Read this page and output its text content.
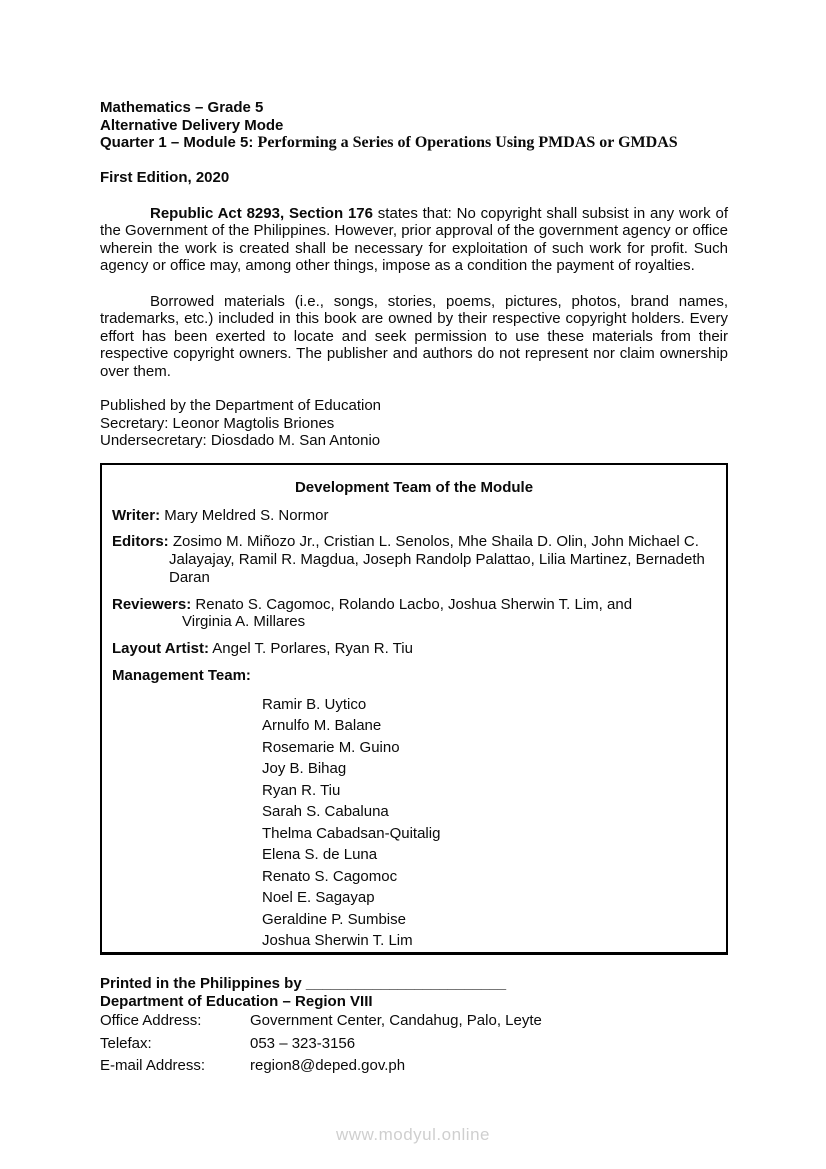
Mathematics – Grade 5
Alternative Delivery Mode
Quarter 1 – Module 5: Performing a Series of Operations Using PMDAS or GMDAS
First Edition, 2020

Republic Act 8293, Section 176 states that: No copyright shall subsist in any work of the Government of the Philippines. However, prior approval of the government agency or office wherein the work is created shall be necessary for exploitation of such work for profit. Such agency or office may, among other things, impose as a condition the payment of royalties.

Borrowed materials (i.e., songs, stories, poems, pictures, photos, brand names, trademarks, etc.) included in this book are owned by their respective copyright holders. Every effort has been exerted to locate and seek permission to use these materials from their respective copyright owners. The publisher and authors do not represent nor claim ownership over them.

Published by the Department of Education
Secretary: Leonor Magtolis Briones
Undersecretary: Diosdado M. San Antonio
Development Team of the Module
Writer: Mary Meldred S. Normor
Editors: Zosimo M. Miñozo Jr., Cristian L. Senolos, Mhe Shaila D. Olin, John Michael C. Jalayajay, Ramil R. Magdua, Joseph Randolp Palattao, Lilia Martinez, Bernadeth Daran
Reviewers: Renato S. Cagomoc, Rolando Lacbo, Joshua Sherwin T. Lim, and
Virginia A. Millares
Layout Artist: Angel T. Porlares, Ryan R. Tiu
Management Team:
Ramir B. Uytico
Arnulfo M. Balane
Rosemarie M. Guino
Joy B. Bihag
Ryan R. Tiu
Sarah S. Cabaluna
Thelma Cabadsan-Quitalig
Elena S. de Luna
Renato S. Cagomoc
Noel E. Sagayap
Geraldine P. Sumbise
Joshua Sherwin T. Lim
Printed in the Philippines by ________________________
Department of Education – Region VIII
Office Address:	Government Center, Candahug, Palo, Leyte
Telefax:	053 – 323-3156
E-mail Address:	region8@deped.gov.ph
www.modyul.online
